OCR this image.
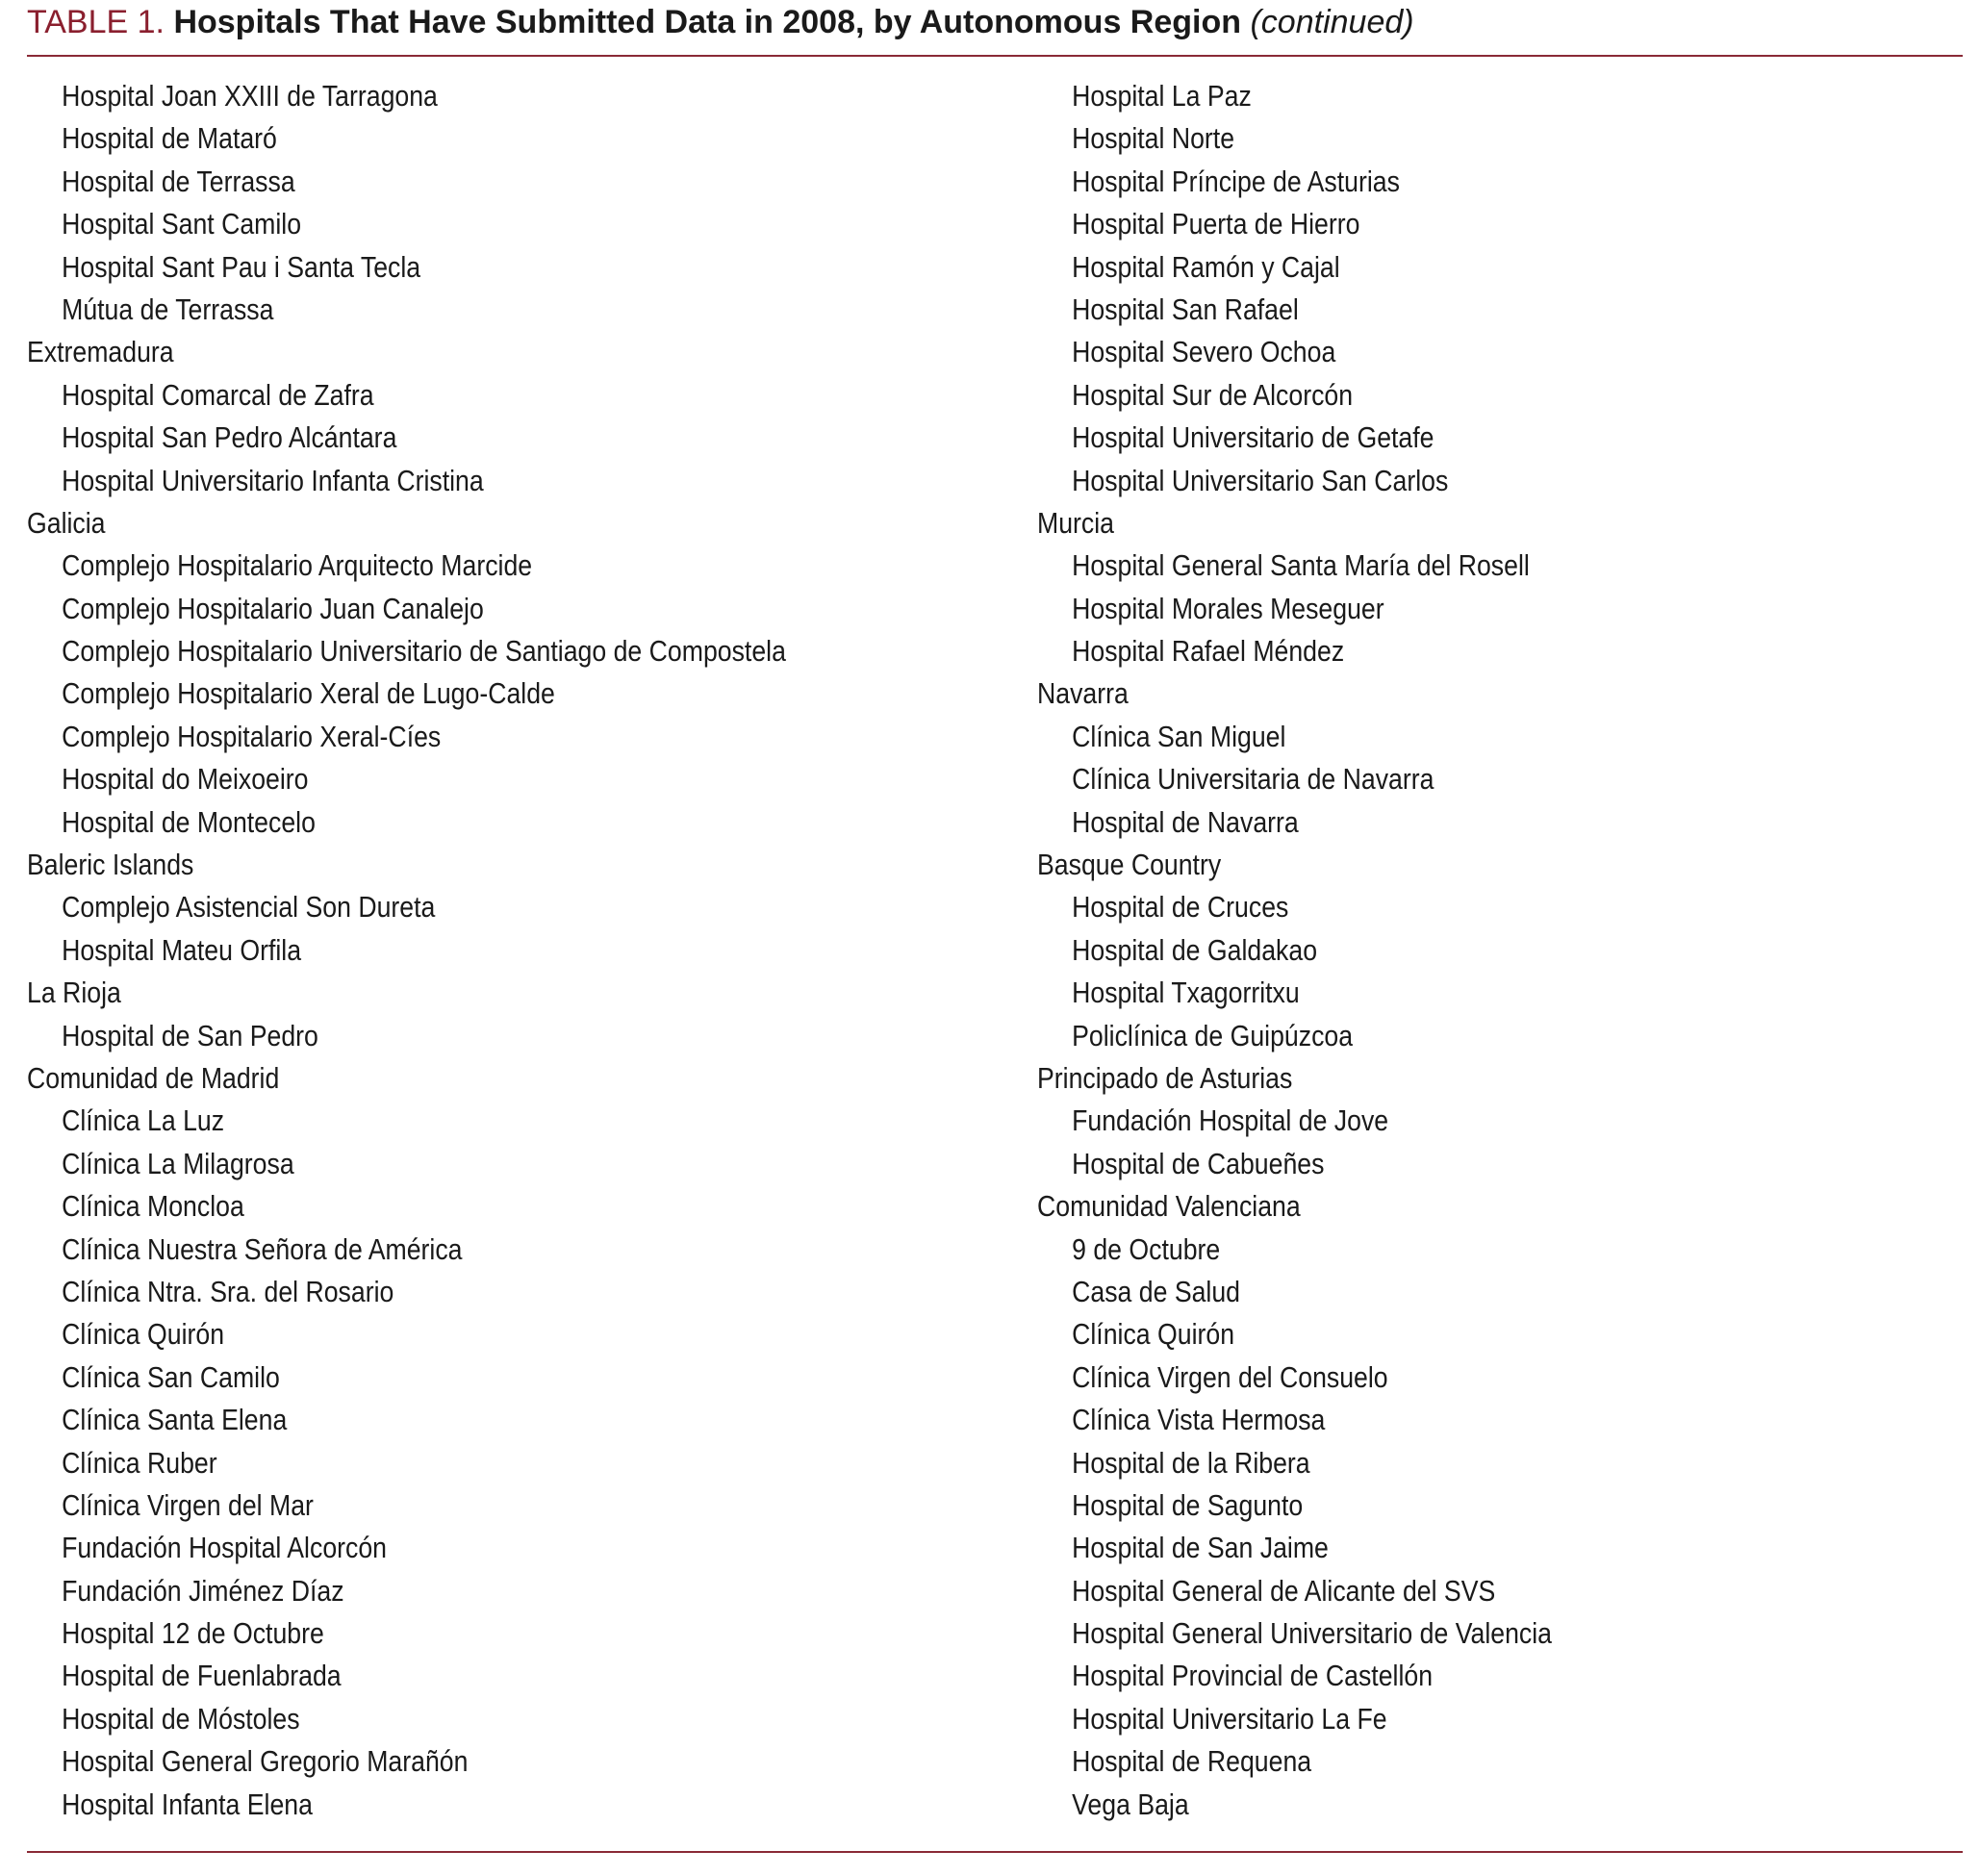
TABLE 1. Hospitals That Have Submitted Data in 2008, by Autonomous Region (continued)
Hospital Joan XXIII de Tarragona
Hospital de Mataró
Hospital de Terrassa
Hospital Sant Camilo
Hospital Sant Pau i Santa Tecla
Mútua de Terrassa
Extremadura
Hospital Comarcal de Zafra
Hospital San Pedro Alcántara
Hospital Universitario Infanta Cristina
Galicia
Complejo Hospitalario Arquitecto Marcide
Complejo Hospitalario Juan Canalejo
Complejo Hospitalario Universitario de Santiago de Compostela
Complejo Hospitalario Xeral de Lugo-Calde
Complejo Hospitalario Xeral-Cíes
Hospital do Meixoeiro
Hospital de Montecelo
Baleric Islands
Complejo Asistencial Son Dureta
Hospital Mateu Orfila
La Rioja
Hospital de San Pedro
Comunidad de Madrid
Clínica La Luz
Clínica La Milagrosa
Clínica Moncloa
Clínica Nuestra Señora de América
Clínica Ntra. Sra. del Rosario
Clínica Quirón
Clínica San Camilo
Clínica Santa Elena
Clínica Ruber
Clínica Virgen del Mar
Fundación Hospital Alcorcón
Fundación Jiménez Díaz
Hospital 12 de Octubre
Hospital de Fuenlabrada
Hospital de Móstoles
Hospital General Gregorio Marañón
Hospital Infanta Elena
Hospital La Paz
Hospital Norte
Hospital Príncipe de Asturias
Hospital Puerta de Hierro
Hospital Ramón y Cajal
Hospital San Rafael
Hospital Severo Ochoa
Hospital Sur de Alcorcón
Hospital Universitario de Getafe
Hospital Universitario San Carlos
Murcia
Hospital General Santa María del Rosell
Hospital Morales Meseguer
Hospital Rafael Méndez
Navarra
Clínica San Miguel
Clínica Universitaria de Navarra
Hospital de Navarra
Basque Country
Hospital de Cruces
Hospital de Galdakao
Hospital Txagorritxu
Policlínica de Guipúzcoa
Principado de Asturias
Fundación Hospital de Jove
Hospital de Cabueñes
Comunidad Valenciana
9 de Octubre
Casa de Salud
Clínica Quirón
Clínica Virgen del Consuelo
Clínica Vista Hermosa
Hospital de la Ribera
Hospital de Sagunto
Hospital de San Jaime
Hospital General de Alicante del SVS
Hospital General Universitario de Valencia
Hospital Provincial de Castellón
Hospital Universitario La Fe
Hospital de Requena
Vega Baja
